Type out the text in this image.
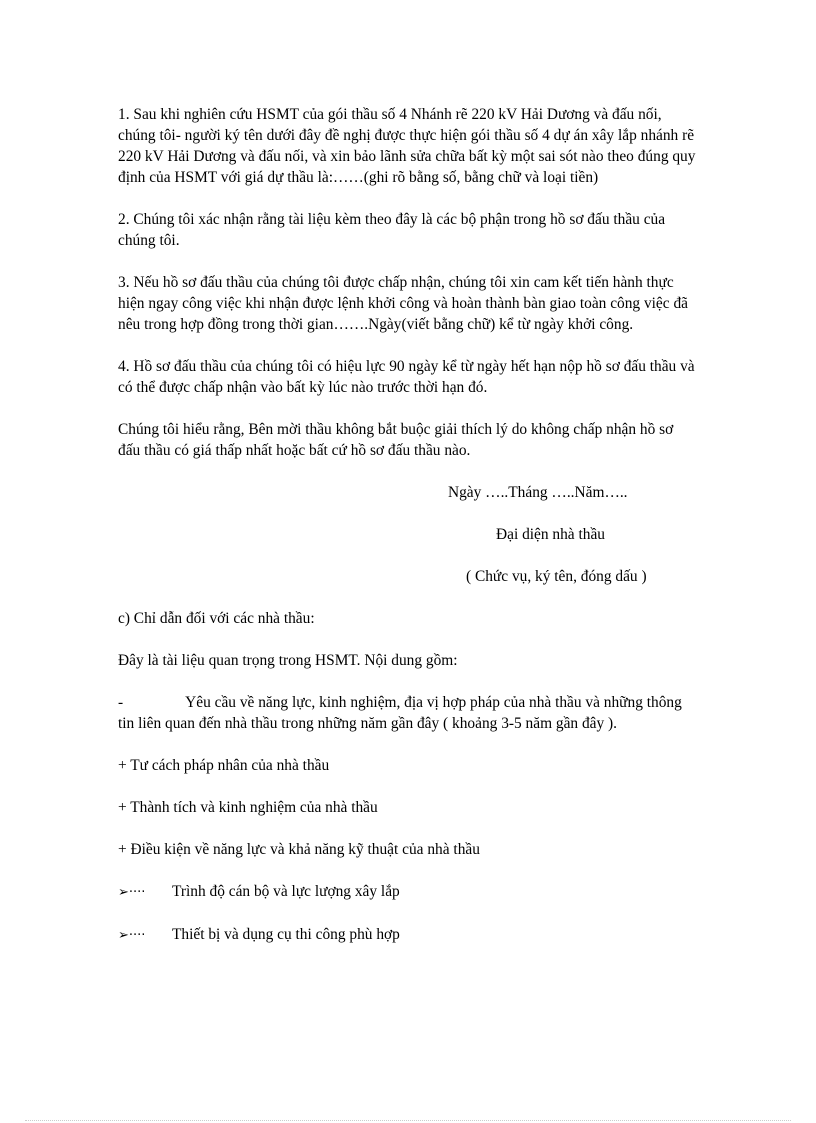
1. Sau khi nghiên cứu HSMT của gói thầu số 4 Nhánh rẽ 220 kV Hải Dương và đấu nối, chúng tôi- người ký tên dưới đây đề nghị được thực hiện gói thầu số 4 dự án xây lắp nhánh rẽ 220 kV Hải Dương và đấu nối, và xin bảo lãnh sửa chữa bất kỳ một sai sót nào theo đúng quy định của HSMT với giá dự thầu là:……(ghi rõ bằng số, bằng chữ và loại tiền)

2. Chúng tôi xác nhận rằng tài liệu kèm theo đây là các bộ phận trong hồ sơ đấu thầu của chúng tôi.

3. Nếu hồ sơ đấu thầu của chúng tôi được chấp nhận, chúng tôi xin cam kết tiến hành thực hiện ngay công việc khi nhận được lệnh khởi công và hoàn thành bàn giao toàn công việc đã nêu trong hợp đồng trong thời gian…….Ngày(viết bằng chữ) kể từ ngày khởi công.

4. Hồ sơ đấu thầu của chúng tôi có hiệu lực 90 ngày kể từ ngày hết hạn nộp hồ sơ đấu thầu và có thể được chấp nhận vào bất kỳ lúc nào trước thời hạn đó.

Chúng tôi hiểu rằng, Bên mời thầu không bắt buộc giải thích lý do không chấp nhận hồ sơ đấu thầu có giá thấp nhất hoặc bất cứ hồ sơ đấu thầu nào.

Ngày …..Tháng …..Năm…..
Đại diện nhà thầu
( Chức vụ, ký tên, đóng dấu )

c) Chỉ dẫn đối với các nhà thầu:

Đây là tài liệu quan trọng trong HSMT. Nội dung gồm:

-	Yêu cầu về năng lực, kinh nghiệm, địa vị hợp pháp của nhà thầu và những thông tin liên quan đến nhà thầu trong những năm gần đây ( khoảng 3-5 năm gần đây ).

+ Tư cách pháp nhân của nhà thầu

+ Thành tích và kinh nghiệm của nhà thầu

+ Điều kiện về năng lực và khả năng kỹ thuật của nhà thầu

➢····	Trình độ cán bộ và lực lượng xây lắp
➢····	Thiết bị và dụng cụ thi công phù hợp
